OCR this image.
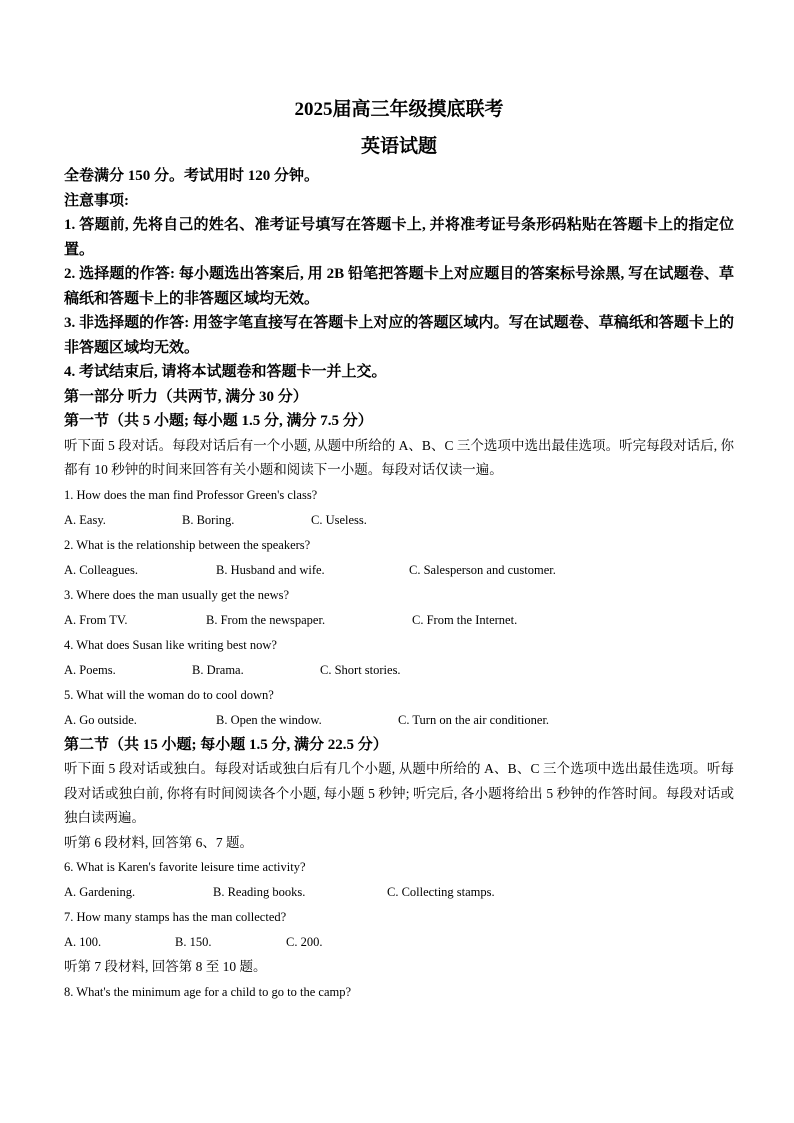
2025届高三年级摸底联考
英语试题

全卷满分 150 分。考试用时 120 分钟。

注意事项:

1. 答题前, 先将自己的姓名、准考证号填写在答题卡上, 并将准考证号条形码粘贴在答题卡上的指定位置。

2. 选择题的作答: 每小题选出答案后, 用 2B 铅笔把答题卡上对应题目的答案标号涂黑, 写在试题卷、草稿纸和答题卡上的非答题区域均无效。

3. 非选择题的作答: 用签字笔直接写在答题卡上对应的答题区域内。写在试题卷、草稿纸和答题卡上的非答题区域均无效。

4. 考试结束后, 请将本试题卷和答题卡一并上交。

第一部分 听力（共两节, 满分 30 分）

第一节（共 5 小题; 每小题 1.5 分, 满分 7.5 分）

听下面 5 段对话。每段对话后有一个小题, 从题中所给的 A、B、C 三个选项中选出最佳选项。听完每段对话后, 你都有 10 秒钟的时间来回答有关小题和阅读下一小题。每段对话仅读一遍。

1. How does the man find Professor Green's class?

A. Easy.	B. Boring.	C. Useless.

2. What is the relationship between the speakers?

A. Colleagues.	B. Husband and wife.	C. Salesperson and customer.

3. Where does the man usually get the news?

A. From TV.	B. From the newspaper.	C. From the Internet.

4. What does Susan like writing best now?

A. Poems.	B. Drama.	C. Short stories.

5. What will the woman do to cool down?

A. Go outside.	B. Open the window.	C. Turn on the air conditioner.

第二节（共 15 小题; 每小题 1.5 分, 满分 22.5 分）

听下面 5 段对话或独白。每段对话或独白后有几个小题, 从题中所给的 A、B、C 三个选项中选出最佳选项。听每段对话或独白前, 你将有时间阅读各个小题, 每小题 5 秒钟; 听完后, 各小题将给出 5 秒钟的作答时间。每段对话或独白读两遍。

听第 6 段材料, 回答第 6、7 题。

6. What is Karen's favorite leisure time activity?

A. Gardening.	B. Reading books.	C. Collecting stamps.

7. How many stamps has the man collected?

A. 100.	B. 150.	C. 200.

听第 7 段材料, 回答第 8 至 10 题。

8. What's the minimum age for a child to go to the camp?
